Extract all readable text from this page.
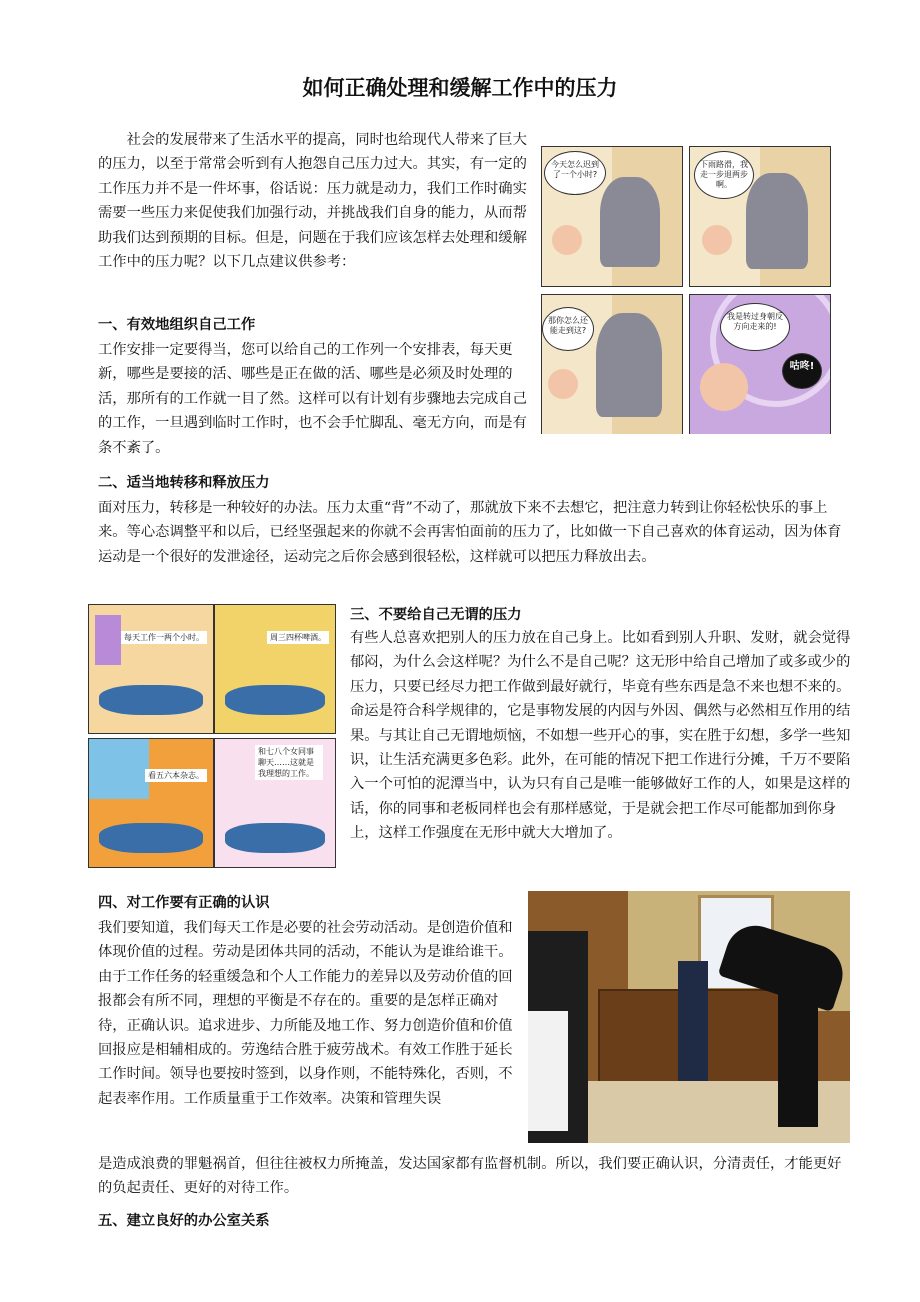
如何正确处理和缓解工作中的压力

社会的发展带来了生活水平的提高，同时也给现代人带来了巨大的压力，以至于常常会听到有人抱怨自己压力过大。其实，有一定的工作压力并不是一件坏事，俗话说：压力就是动力，我们工作时确实需要一些压力来促使我们加强行动，并挑战我们自身的能力，从而帮助我们达到预期的目标。但是，问题在于我们应该怎样去处理和缓解工作中的压力呢？以下几点建议供参考：

一、有效地组织自己工作

工作安排一定要得当，您可以给自己的工作列一个安排表，每天更新，哪些是要接的活、哪些是正在做的活、哪些是必须及时处理的活，那所有的工作就一目了然。这样可以有计划有步骤地去完成自己的工作，一旦遇到临时工作时，也不会手忙脚乱、毫无方向，而是有条不紊了。

今天怎么迟到了一个小时?
下雨路滑，我走一步退两步啊。
那你怎么还能走到这?
我是转过身朝反方向走来的!
咕咚!

二、适当地转移和释放压力

面对压力，转移是一种较好的办法。压力太重“背”不动了，那就放下来不去想它，把注意力转到让你轻松快乐的事上来。等心态调整平和以后，已经坚强起来的你就不会再害怕面前的压力了，比如做一下自己喜欢的体育运动，因为体育运动是一个很好的发泄途径，运动完之后你会感到很轻松，这样就可以把压力释放出去。

每天工作一两个小时。	周三四杯啤酒。
看五六本杂志。
和七八个女同事聊天……这就是我理想的工作。

三、不要给自己无谓的压力

有些人总喜欢把别人的压力放在自己身上。比如看到别人升职、发财，就会觉得郁闷，为什么会这样呢？为什么不是自己呢？这无形中给自己增加了或多或少的压力，只要已经尽力把工作做到最好就行，毕竟有些东西是急不来也想不来的。命运是符合科学规律的，它是事物发展的内因与外因、偶然与必然相互作用的结果。与其让自己无谓地烦恼，不如想一些开心的事，实在胜于幻想，多学一些知识，让生活充满更多色彩。此外，在可能的情况下把工作进行分摊，千万不要陷入一个可怕的泥潭当中，认为只有自己是唯一能够做好工作的人，如果是这样的话，你的同事和老板同样也会有那样感觉，于是就会把工作尽可能都加到你身上，这样工作强度在无形中就大大增加了。

四、对工作要有正确的认识

我们要知道，我们每天工作是必要的社会劳动活动。是创造价值和体现价值的过程。劳动是团体共同的活动，不能认为是谁给谁干。由于工作任务的轻重缓急和个人工作能力的差异以及劳动价值的回报都会有所不同，理想的平衡是不存在的。重要的是怎样正确对待，正确认识。追求进步、力所能及地工作、努力创造价值和价值回报应是相辅相成的。劳逸结合胜于疲劳战术。有效工作胜于延长工作时间。领导也要按时签到，以身作则，不能特殊化，否则，不起表率作用。工作质量重于工作效率。决策和管理失误

是造成浪费的罪魁祸首，但往往被权力所掩盖，发达国家都有监督机制。所以，我们要正确认识，分清责任，才能更好的负起责任、更好的对待工作。

五、建立良好的办公室关系
